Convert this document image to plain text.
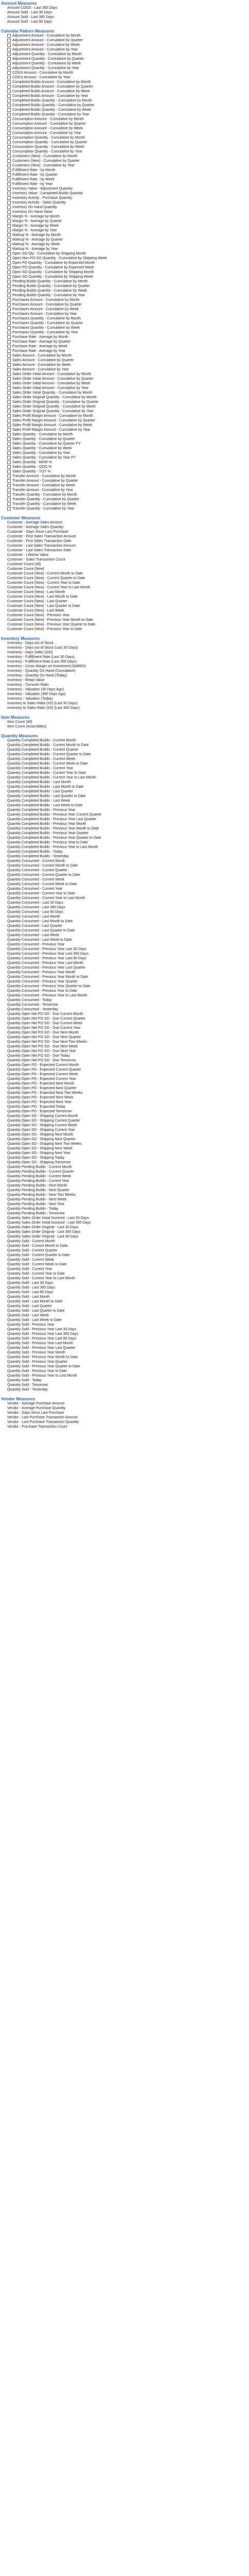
Amount Measures
Amount COGS - Last 365 Days
Amount Sold - Last 30 Days
Amount Sold - Last 365 Days
Amount Sold - Last 90 Days
Calendar Pattern Measures
Adjustment Amount - Cumulative by Month
Adjustment Amount - Cumulative by Quarter
Adjustment Amount - Cumulative by Week
Adjustment Amount - Cumulative by Year
Adjustment Quantity - Cumulative by Month
Adjustment Quantity - Cumulative by Quarter
Adjustment Quantity - Cumulative by Week
Adjustment Quantity - Cumulative by Year
COGS Amount - Cumulative by Month
COGS Amount - Cumulative by Year
Completed Builds Amount - Cumulative by Month
Completed Builds Amount - Cumulative by Quarter
Completed Builds Amount - Cumulative by Week
Completed Builds Amount - Cumulative by Year
Completed Builds Quantity - Cumulative by Month
Completed Builds Quantity - Cumulative by Quarter
Completed Builds Quantity - Cumulative by Week
Completed Builds Quantity - Cumulative by Year
Consumption Amount - Cumulative by Month
Consumption Amount - Cumulative by Quarter
Consumption Amount - Cumulative by Week
Consumption Amount - Cumulative by Year
Consumption Quantity - Cumulative by Month
Consumption Quantity - Cumulative by Quarter
Consumption Quantity - Cumulative by Week
Consumption Quantity - Cumulative by Year
Customers (New) - Cumulative by Month
Customers (New) - Cumulative by Quarter
Customers (New) - Cumulative by Year
Fulfillment Rate - by Month
Fulfillment Rate - by Quarter
Fulfillment Rate - by Week
Fulfillment Rate - by Year
Inventory Value - Adjustment Quantity
Inventory Value - Completed Builds Quantity
Inventory Activity - Purchase Quantity
Inventory Activity - Sales Quantity
Inventory On Hand Quantity
Inventory On Hand Value
Margin % - Average by Month
Margin % - Average by Quarter
Margin % - Average by Week
Margin % - Average by Year
Markup % - Average by Month
Markup % - Average by Quarter
Markup % - Average by Week
Markup % - Average by Year
Open SO Qty - Cumulative by Shipping Month
Open Non-PO SO Quantity - Cumulative by Shipping Week
Open PO Quantity - Cumulative by Expected Month
Open PO Quantity - Cumulative by Expected Week
Open SO Quantity - Cumulative by Shipping Month
Open SO Quantity - Cumulative by Shipping Week
Pending Builds Quantity - Cumulative by Month
Pending Builds Quantity - Cumulative by Quarter
Pending Builds Quantity - Cumulative by Week
Pending Builds Quantity - Cumulative by Year
Purchases Amount - Cumulative by Month
Purchases Amount - Cumulative by Quarter
Purchases Amount - Cumulative by Week
Purchases Amount - Cumulative by Year
Purchases Quantity - Cumulative by Month
Purchases Quantity - Cumulative by Quarter
Purchases Quantity - Cumulative by Week
Purchases Quantity - Cumulative by Year
Purchase Rate - Average by Month
Purchase Rate - Average by Quarter
Purchase Rate - Average by Week
Purchase Rate - Average by Year
Sales Amount - Cumulative by Month
Sales Amount - Cumulative by Quarter
Sales Amount - Cumulative by Week
Sales Amount - Cumulative by Year
Sales Order Initial Amount - Cumulative by Month
Sales Order Initial Amount - Cumulative by Quarter
Sales Order Initial Amount - Cumulative by Week
Sales Order Initial Amount - Cumulative by Year
Sales Order Initial Quantity - Cumulative by Month
Sales Order Original Quantity - Cumulative by Month
Sales Order Original Quantity - Cumulative by Quarter
Sales Order Original Quantity - Cumulative by Week
Sales Order Original Quantity - Cumulative by Year
Sales Profit Margin Amount - Cumulative by Month
Sales Profit Margin Amount - Cumulative by Quarter
Sales Profit Margin Amount - Cumulative by Week
Sales Profit Margin Amount - Cumulative by Year
Sales Quantity - Cumulative by Month
Sales Quantity - Cumulative by Quarter
Sales Quantity - Cumulative by Quarter PY
Sales Quantity - Cumulative by Week
Sales Quantity - Cumulative by Year
Sales Quantity - Cumulative by Year PY
Sales Quantity - MOM %
Sales Quantity - QOQ %
Sales Quantity - YOY %
Transfer Amount - Cumulative by Month
Transfer Amount - Cumulative by Quarter
Transfer Amount - Cumulative by Week
Transfer Amount - Cumulative by Year
Transfer Quantity - Cumulative by Month
Transfer Quantity - Cumulative by Quarter
Transfer Quantity - Cumulative by Week
Transfer Quantity - Cumulative by Year
Customer Measures
Customer - Average Sales Amount
Customer - Average Sales Quantity
Customer - Days Since Last Purchase
Customer - First Sales Transaction Amount
Customer - First Sales Transaction Date
Customer - Last Sales Transaction Amount
Customer - Last Sales Transaction Date
Customer - Lifetime Value
Customer - Sales Transaction Count
Customer Count (All)
Customer Count (New)
Customer Count (New) - Current Month to Date
Customer Count (New) - Current Quarter to Date
Customer Count (New) - Current Year to Date
Customer Count (New) - Current Year to Last Month
Customer Count (New) - Last Month
Customer Count (New) - Last Month to Date
Customer Count (New) - Last Quarter
Customer Count (New) - Last Quarter to Date
Customer Count (New) - Last Week
Customer Count (New) - Previous Year
Customer Count (New) - Previous Year Month to Date
Customer Count (New) - Previous Year Quarter to Date
Customer Count (New) - Previous Year to Date
Inventory Measures
Inventory - Days out of Stock
Inventory - Days out of Stock (Last 30 Days)
Inventory - Days Sales (DSI)
Inventory - Fulfillment Rate (Last 30 Days)
Inventory - Fulfillment Rate (Last 365 Days)
Inventory - Gross Margin on Investment (GMROI)
Inventory - Quantity On Hand (Cumulative)
Inventory - Quantity On Hand (Today)
Inventory - Retail Value
Inventory - Turnover Ratio
Inventory - Valuation (30 Days Ago)
Inventory - Valuation (365 Days Ago)
Inventory - Valuation (Today)
Inventory to Sales Ratio (I/S) (Last 30 Days)
Inventory to Sales Ratio (I/S) (Last 365 Days)
Item Measures
Item Count (All)
Item Count (Assemblies)
Quantity Measures
Quantity Completed Builds - Current Month
Quantity Completed Builds - Current Month to Date
Quantity Completed Builds - Current Quarter
Quantity Completed Builds - Current Quarter to Date
Quantity Completed Builds - Current Week
Quantity Completed Builds - Current Week to Date
Quantity Completed Builds - Current Year
Quantity Completed Builds - Current Year to Date
Quantity Completed Builds - Current Year to Last Month
Quantity Completed Builds - Last Month
Quantity Completed Builds - Last Month to Date
Quantity Completed Builds - Last Quarter
Quantity Completed Builds - Last Quarter to Date
Quantity Completed Builds - Last Week
Quantity Completed Builds - Last Week to Date
Quantity Completed Builds - Previous Year
Quantity Completed Builds - Previous Year Current Quarter
Quantity Completed Builds - Previous Year Last Quarter
Quantity Completed Builds - Previous Year Month
Quantity Completed Builds - Previous Year Month to Date
Quantity Completed Builds - Previous Year Quarter
Quantity Completed Builds - Previous Year Quarter to Date
Quantity Completed Builds - Previous Year to Date
Quantity Completed Builds - Previous Year to Last Month
Quantity Completed Builds - Today
Quantity Completed Builds - Yesterday
Quantity Consumed - Current Month
Quantity Consumed - Current Month to Date
Quantity Consumed - Current Quarter
Quantity Consumed - Current Quarter to Date
Quantity Consumed - Current Week
Quantity Consumed - Current Week to Date
Quantity Consumed - Current Year
Quantity Consumed - Current Year to Date
Quantity Consumed - Current Year to Last Month
Quantity Consumed - Last 30 Days
Quantity Consumed - Last 365 Days
Quantity Consumed - Last 90 Days
Quantity Consumed - Last Month
Quantity Consumed - Last Month to Date
Quantity Consumed - Last Quarter
Quantity Consumed - Last Quarter to Date
Quantity Consumed - Last Week
Quantity Consumed - Last Week to Date
Quantity Consumed - Previous Year
Quantity Consumed - Previous Year Last 30 Days
Quantity Consumed - Previous Year Last 365 Days
Quantity Consumed - Previous Year Last 90 Days
Quantity Consumed - Previous Year Last Month
Quantity Consumed - Previous Year Last Quarter
Quantity Consumed - Previous Year Month
Quantity Consumed - Previous Year Month to Date
Quantity Consumed - Previous Year Quarter
Quantity Consumed - Previous Year Quarter to Date
Quantity Consumed - Previous Year to Date
Quantity Consumed - Previous Year to Last Month
Quantity Consumed - Today
Quantity Consumed - Tomorrow
Quantity Consumed - Yesterday
Quantity Open Net PO SO - Due Current Month
Quantity Open Net PO SO - Due Current Quarter
Quantity Open Net PO SO - Due Current Week
Quantity Open Net PO SO - Due Current Year
Quantity Open Net PO SO - Due Next Month
Quantity Open Net PO SO - Due Next Quarter
Quantity Open Net PO SO - Due Next Two Weeks
Quantity Open Net PO SO - Due Next Week
Quantity Open Net PO SO - Due Next Year
Quantity Open Net PO SO - Due Today
Quantity Open Net PO SO - Due Tomorrow
Quantity Open PO - Expected Current Month
Quantity Open PO - Expected Current Quarter
Quantity Open PO - Expected Current Week
Quantity Open PO - Expected Current Year
Quantity Open PO - Expected Next Month
Quantity Open PO - Expected Next Quarter
Quantity Open PO - Expected Next Two Weeks
Quantity Open PO - Expected Next Week
Quantity Open PO - Expected Next Year
Quantity Open PO - Expected Today
Quantity Open PO - Expected Tomorrow
Quantity Open SO - Shipping Current Month
Quantity Open SO - Shipping Current Quarter
Quantity Open SO - Shipping Current Week
Quantity Open SO - Shipping Current Year
Quantity Open SO - Shipping Next Month
Quantity Open SO - Shipping Next Quarter
Quantity Open SO - Shipping Next Two Weeks
Quantity Open SO - Shipping Next Week
Quantity Open SO - Shipping Next Year
Quantity Open SO - Shipping Today
Quantity Open SO - Shipping Tomorrow
Quantity Pending Builds - Current Month
Quantity Pending Builds - Current Quarter
Quantity Pending Builds - Current Week
Quantity Pending Builds - Current Year
Quantity Pending Builds - Next Month
Quantity Pending Builds - Next Quarter
Quantity Pending Builds - Next Two Weeks
Quantity Pending Builds - Next Week
Quantity Pending Builds - Next Year
Quantity Pending Builds - Today
Quantity Pending Builds - Tomorrow
Quantity Sales Order Initial Invoiced - Last 30 Days
Quantity Sales Order Initial Invoiced - Last 365 Days
Quantity Sales Order Original - Last 30 Days
Quantity Sales Order Original - Last 365 Days
Quantity Sales Order Original - Last 90 Days
Quantity Sold - Current Month
Quantity Sold - Current Month to Date
Quantity Sold - Current Quarter
Quantity Sold - Current Quarter to Date
Quantity Sold - Current Week
Quantity Sold - Current Week to Date
Quantity Sold - Current Year
Quantity Sold - Current Year to Date
Quantity Sold - Current Year to Last Month
Quantity Sold - Last 30 Days
Quantity Sold - Last 365 Days
Quantity Sold - Last 90 Days
Quantity Sold - Last Month
Quantity Sold - Last Month to Date
Quantity Sold - Last Quarter
Quantity Sold - Last Quarter to Date
Quantity Sold - Last Week
Quantity Sold - Last Week to Date
Quantity Sold - Previous Year
Quantity Sold - Previous Year Last 30 Days
Quantity Sold - Previous Year Last 365 Days
Quantity Sold - Previous Year Last 90 Days
Quantity Sold - Previous Year Last Month
Quantity Sold - Previous Year Last Quarter
Quantity Sold - Previous Year Month
Quantity Sold - Previous Year Month to Date
Quantity Sold - Previous Year Quarter
Quantity Sold - Previous Year Quarter to Date
Quantity Sold - Previous Year to Date
Quantity Sold - Previous Year to Last Month
Quantity Sold - Today
Quantity Sold - Tomorrow
Quantity Sold - Yesterday
Vendor Measures
Vendor - Average Purchase Amount
Vendor - Average Purchase Quantity
Vendor - Days Since Last Purchase
Vendor - Last Purchase Transaction Amount
Vendor - Last Purchase Transaction Quantity
Vendor - Purchase Transaction Count
